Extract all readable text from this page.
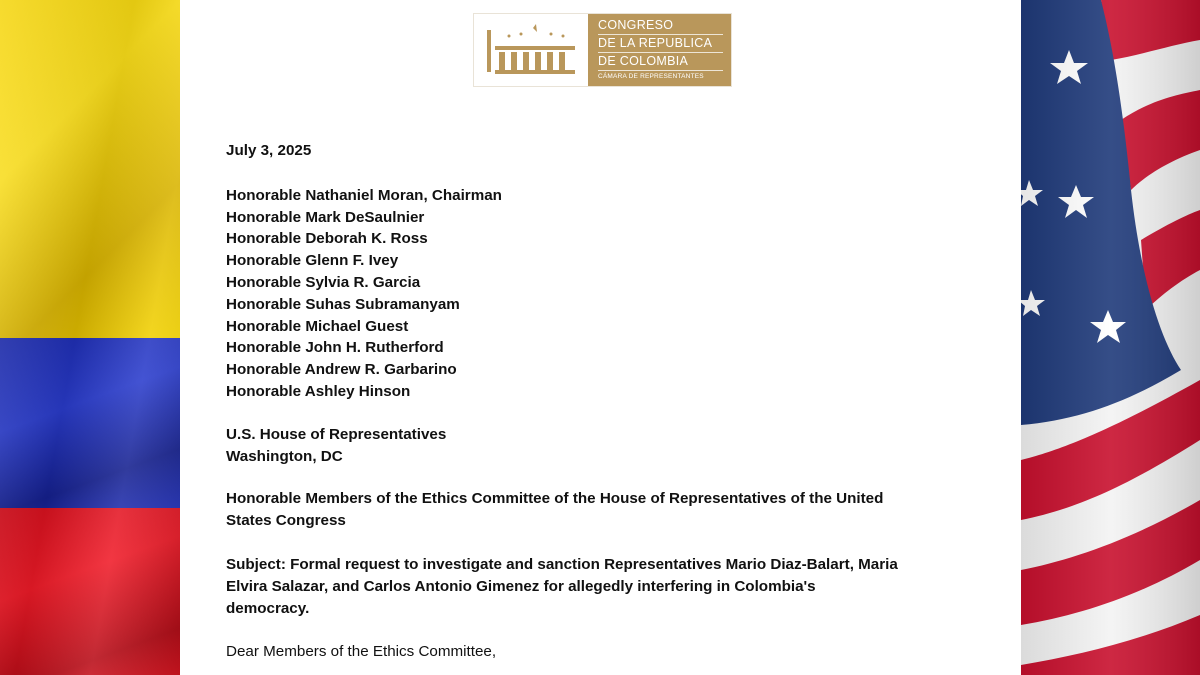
CONGRESO
DE LA REPUBLICA
DE COLOMBIA
CÁMARA DE REPRESENTANTES
July 3, 2025
Honorable Nathaniel Moran, Chairman
Honorable Mark DeSaulnier
Honorable Deborah K. Ross
Honorable Glenn F. Ivey
Honorable Sylvia R. Garcia
Honorable Suhas Subramanyam
Honorable Michael Guest
Honorable John H. Rutherford
Honorable Andrew R. Garbarino
Honorable Ashley Hinson
U.S. House of Representatives
Washington, DC
Honorable Members of the Ethics Committee of the House of Representatives of the United
States Congress
Subject: Formal request to investigate and sanction Representatives Mario Diaz-Balart, Maria
Elvira Salazar, and Carlos Antonio Gimenez for allegedly interfering in Colombia's
democracy.
Dear Members of the Ethics Committee,
